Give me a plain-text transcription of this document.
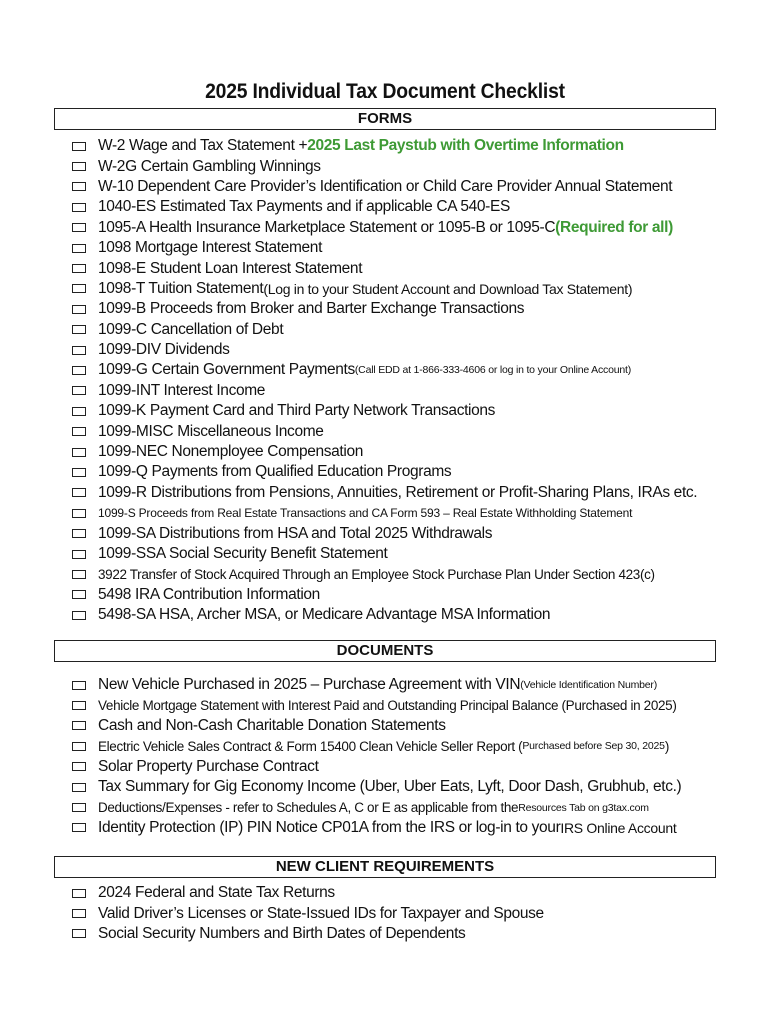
2025 Individual Tax Document Checklist
FORMS
W-2 Wage and Tax Statement + 2025 Last Paystub with Overtime Information
W-2G Certain Gambling Winnings
W-10 Dependent Care Provider’s Identification or Child Care Provider Annual Statement
1040-ES Estimated Tax Payments and if applicable CA 540-ES
1095-A Health Insurance Marketplace Statement or 1095-B or 1095-C (Required for all)
1098 Mortgage Interest Statement
1098-E Student Loan Interest Statement
1098-T Tuition Statement (Log in to your Student Account and Download Tax Statement)
1099-B Proceeds from Broker and Barter Exchange Transactions
1099-C Cancellation of Debt
1099-DIV Dividends
1099-G Certain Government Payments (Call EDD at 1-866-333-4606 or log in to your Online Account)
1099-INT Interest Income
1099-K Payment Card and Third Party Network Transactions
1099-MISC Miscellaneous Income
1099-NEC Nonemployee Compensation
1099-Q Payments from Qualified Education Programs
1099-R Distributions from Pensions, Annuities, Retirement or Profit-Sharing Plans, IRAs etc.
1099-S Proceeds from Real Estate Transactions and CA Form 593 – Real Estate Withholding Statement
1099-SA Distributions from HSA and Total 2025 Withdrawals
1099-SSA Social Security Benefit Statement
3922 Transfer of Stock Acquired Through an Employee Stock Purchase Plan Under Section 423(c)
5498 IRA Contribution Information
5498-SA HSA, Archer MSA, or Medicare Advantage MSA Information
DOCUMENTS
New Vehicle Purchased in 2025 – Purchase Agreement with VIN (Vehicle Identification Number)
Vehicle Mortgage Statement with Interest Paid and Outstanding Principal Balance (Purchased in 2025)
Cash and Non-Cash Charitable Donation Statements
Electric Vehicle Sales Contract & Form 15400 Clean Vehicle Seller Report ( Purchased before Sep 30, 2025 )
Solar Property Purchase Contract
Tax Summary for Gig Economy Income (Uber, Uber Eats, Lyft, Door Dash, Grubhub, etc.)
Deductions/Expenses - refer to Schedules A, C or E as applicable from the Resources Tab on g3tax.com
Identity Protection (IP) PIN Notice CP01A from the IRS or log-in to your IRS Online Account
NEW CLIENT REQUIREMENTS
2024 Federal and State Tax Returns
Valid Driver’s Licenses or State-Issued IDs for Taxpayer and Spouse
Social Security Numbers and Birth Dates of Dependents
